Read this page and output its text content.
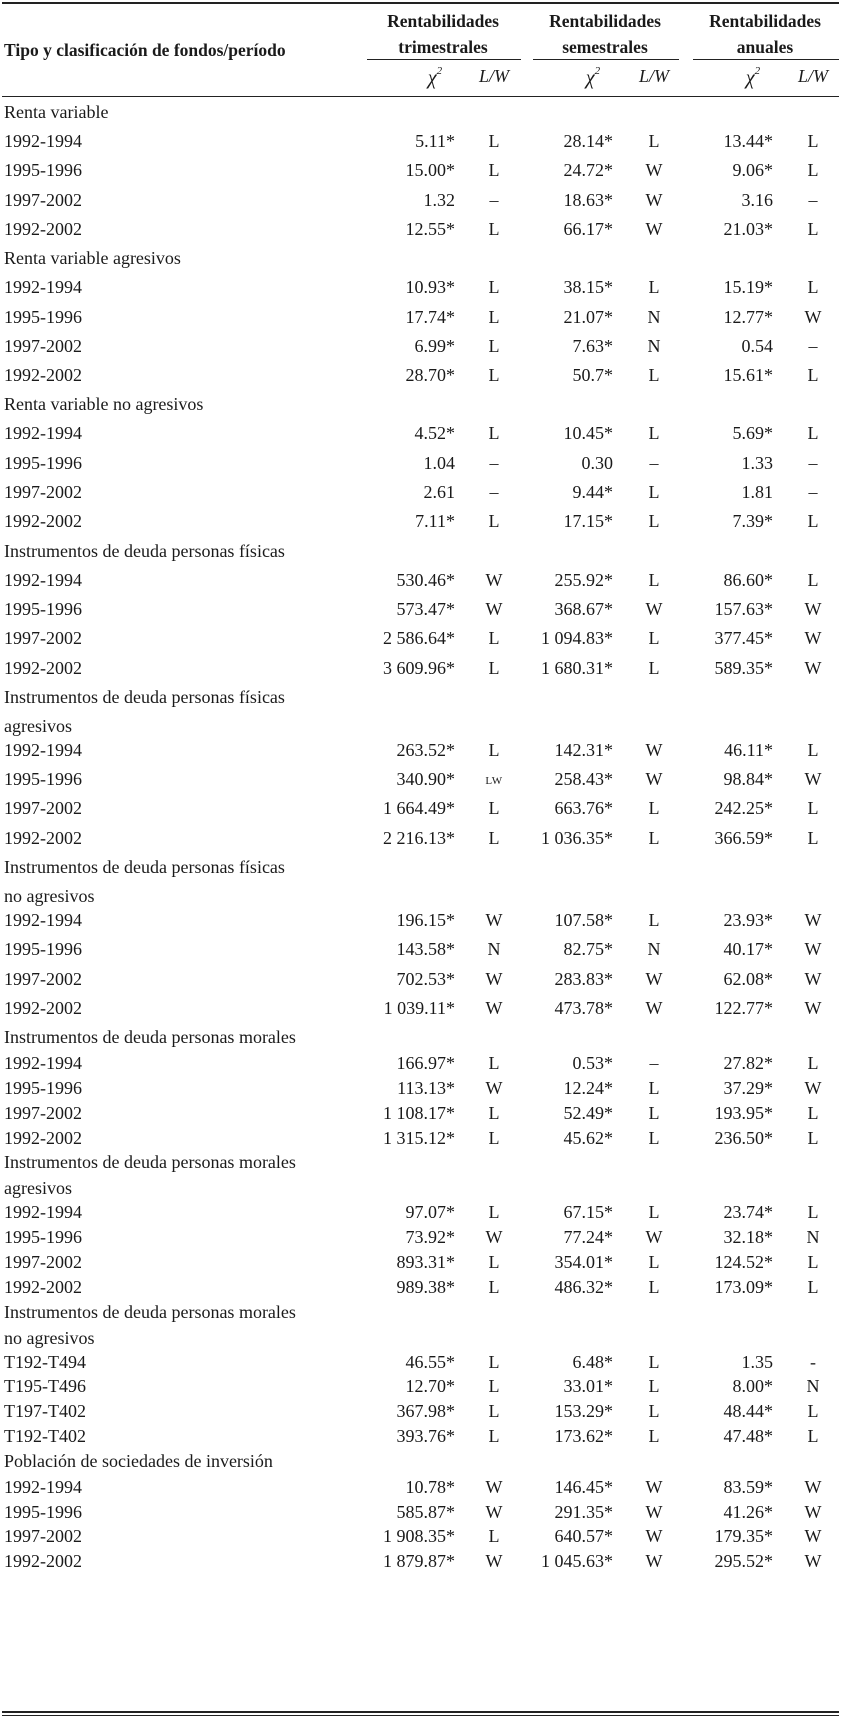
Rentabilidades
trimestrales
Rentabilidades
semestrales
Rentabilidades
anuales
Tipo y clasificación de fondos/período
$\chi^2$	L/W	$\chi^2$	L/W	$\chi^2$	L/W
Renta variable
1992-1994	5.11*	L	28.14*	L	13.44*	L
1995-1996	15.00*	L	24.72*	W	9.06*	L
1997-2002	1.32	–	18.63*	W	3.16	–
1992-2002	12.55*	L	66.17*	W	21.03*	L
Renta variable agresivos
1992-1994	10.93*	L	38.15*	L	15.19*	L
1995-1996	17.74*	L	21.07*	N	12.77*	W
1997-2002	6.99*	L	7.63*	N	0.54	–
1992-2002	28.70*	L	50.7*	L	15.61*	L
Renta variable no agresivos
1992-1994	4.52*	L	10.45*	L	5.69*	L
1995-1996	1.04	–	0.30	–	1.33	–
1997-2002	2.61	–	9.44*	L	1.81	–
1992-2002	7.11*	L	17.15*	L	7.39*	L
Instrumentos de deuda personas físicas
1992-1994	530.46*	W	255.92*	L	86.60*	L
1995-1996	573.47*	W	368.67*	W	157.63*	W
1997-2002	2 586.64*	L	1 094.83*	L	377.45*	W
1992-2002	3 609.96*	L	1 680.31*	L	589.35*	W
Instrumentos de deuda personas físicas
agresivos
1992-1994	263.52*	L	142.31*	W	46.11*	L
1995-1996	340.90*	LW	258.43*	W	98.84*	W
1997-2002	1 664.49*	L	663.76*	L	242.25*	L
1992-2002	2 216.13*	L	1 036.35*	L	366.59*	L
Instrumentos de deuda personas físicas
no agresivos
1992-1994	196.15*	W	107.58*	L	23.93*	W
1995-1996	143.58*	N	82.75*	N	40.17*	W
1997-2002	702.53*	W	283.83*	W	62.08*	W
1992-2002	1 039.11*	W	473.78*	W	122.77*	W
Instrumentos de deuda personas morales
1992-1994	166.97*	L	0.53*	–	27.82*	L
1995-1996	113.13*	W	12.24*	L	37.29*	W
1997-2002	1 108.17*	L	52.49*	L	193.95*	L
1992-2002	1 315.12*	L	45.62*	L	236.50*	L
Instrumentos de deuda personas morales
agresivos
1992-1994	97.07*	L	67.15*	L	23.74*	L
1995-1996	73.92*	W	77.24*	W	32.18*	N
1997-2002	893.31*	L	354.01*	L	124.52*	L
1992-2002	989.38*	L	486.32*	L	173.09*	L
Instrumentos de deuda personas morales
no agresivos
T192-T494	46.55*	L	6.48*	L	1.35	-
T195-T496	12.70*	L	33.01*	L	8.00*	N
T197-T402	367.98*	L	153.29*	L	48.44*	L
T192-T402	393.76*	L	173.62*	L	47.48*	L
Población de sociedades de inversión
1992-1994	10.78*	W	146.45*	W	83.59*	W
1995-1996	585.87*	W	291.35*	W	41.26*	W
1997-2002	1 908.35*	L	640.57*	W	179.35*	W
1992-2002	1 879.87*	W	1 045.63*	W	295.52*	W
